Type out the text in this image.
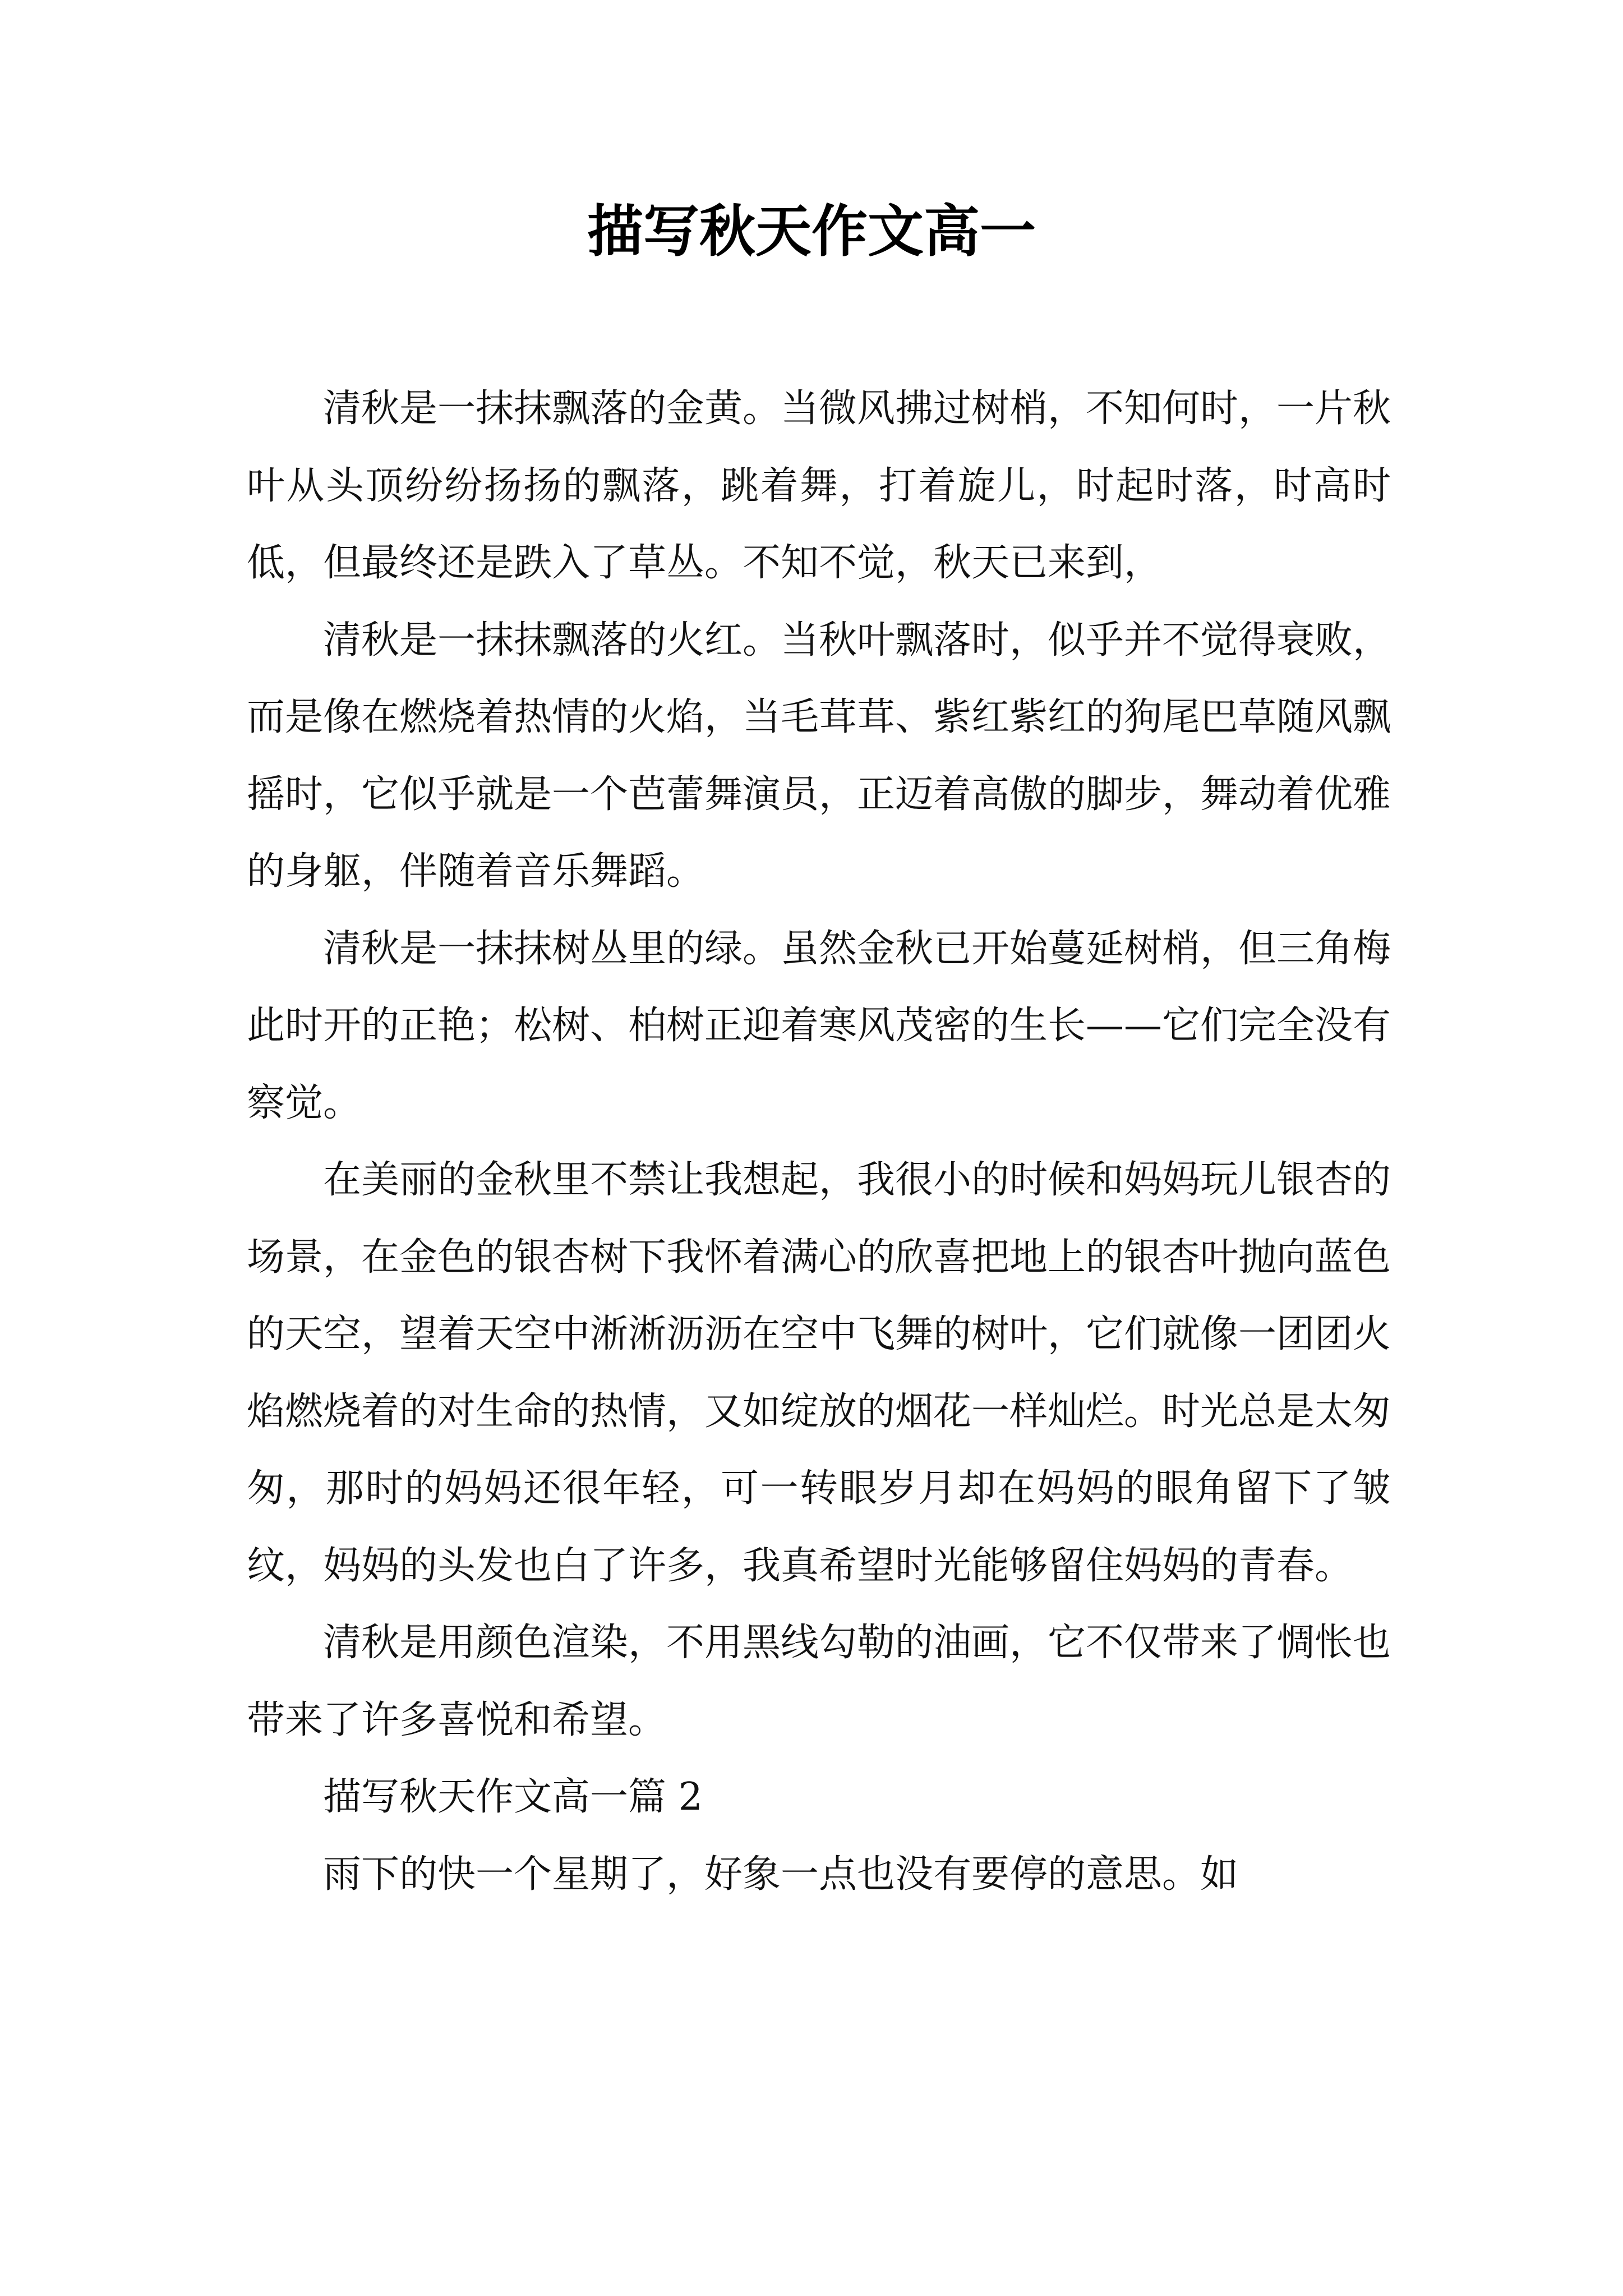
描写秋天作文高一

清秋是一抹抹飘落的金黄。当微风拂过树梢，不知何时，一片秋叶从头顶纷纷扬扬的飘落，跳着舞，打着旋儿，时起时落，时高时低，但最终还是跌入了草丛。不知不觉，秋天已来到，

清秋是一抹抹飘落的火红。当秋叶飘落时，似乎并不觉得衰败，而是像在燃烧着热情的火焰，当毛茸茸、紫红紫红的狗尾巴草随风飘摇时，它似乎就是一个芭蕾舞演员，正迈着高傲的脚步，舞动着优雅的身躯，伴随着音乐舞蹈。

清秋是一抹抹树丛里的绿。虽然金秋已开始蔓延树梢，但三角梅此时开的正艳；松树、柏树正迎着寒风茂密的生长——它们完全没有察觉。

在美丽的金秋里不禁让我想起，我很小的时候和妈妈玩儿银杏的场景，在金色的银杏树下我怀着满心的欣喜把地上的银杏叶抛向蓝色的天空，望着天空中淅淅沥沥在空中飞舞的树叶，它们就像一团团火焰燃烧着的对生命的热情，又如绽放的烟花一样灿烂。时光总是太匆匆，那时的妈妈还很年轻，可一转眼岁月却在妈妈的眼角留下了皱纹，妈妈的头发也白了许多，我真希望时光能够留住妈妈的青春。

清秋是用颜色渲染，不用黑线勾勒的油画，它不仅带来了惆怅也带来了许多喜悦和希望。

描写秋天作文高一篇 2

雨下的快一个星期了，好象一点也没有要停的意思。如
